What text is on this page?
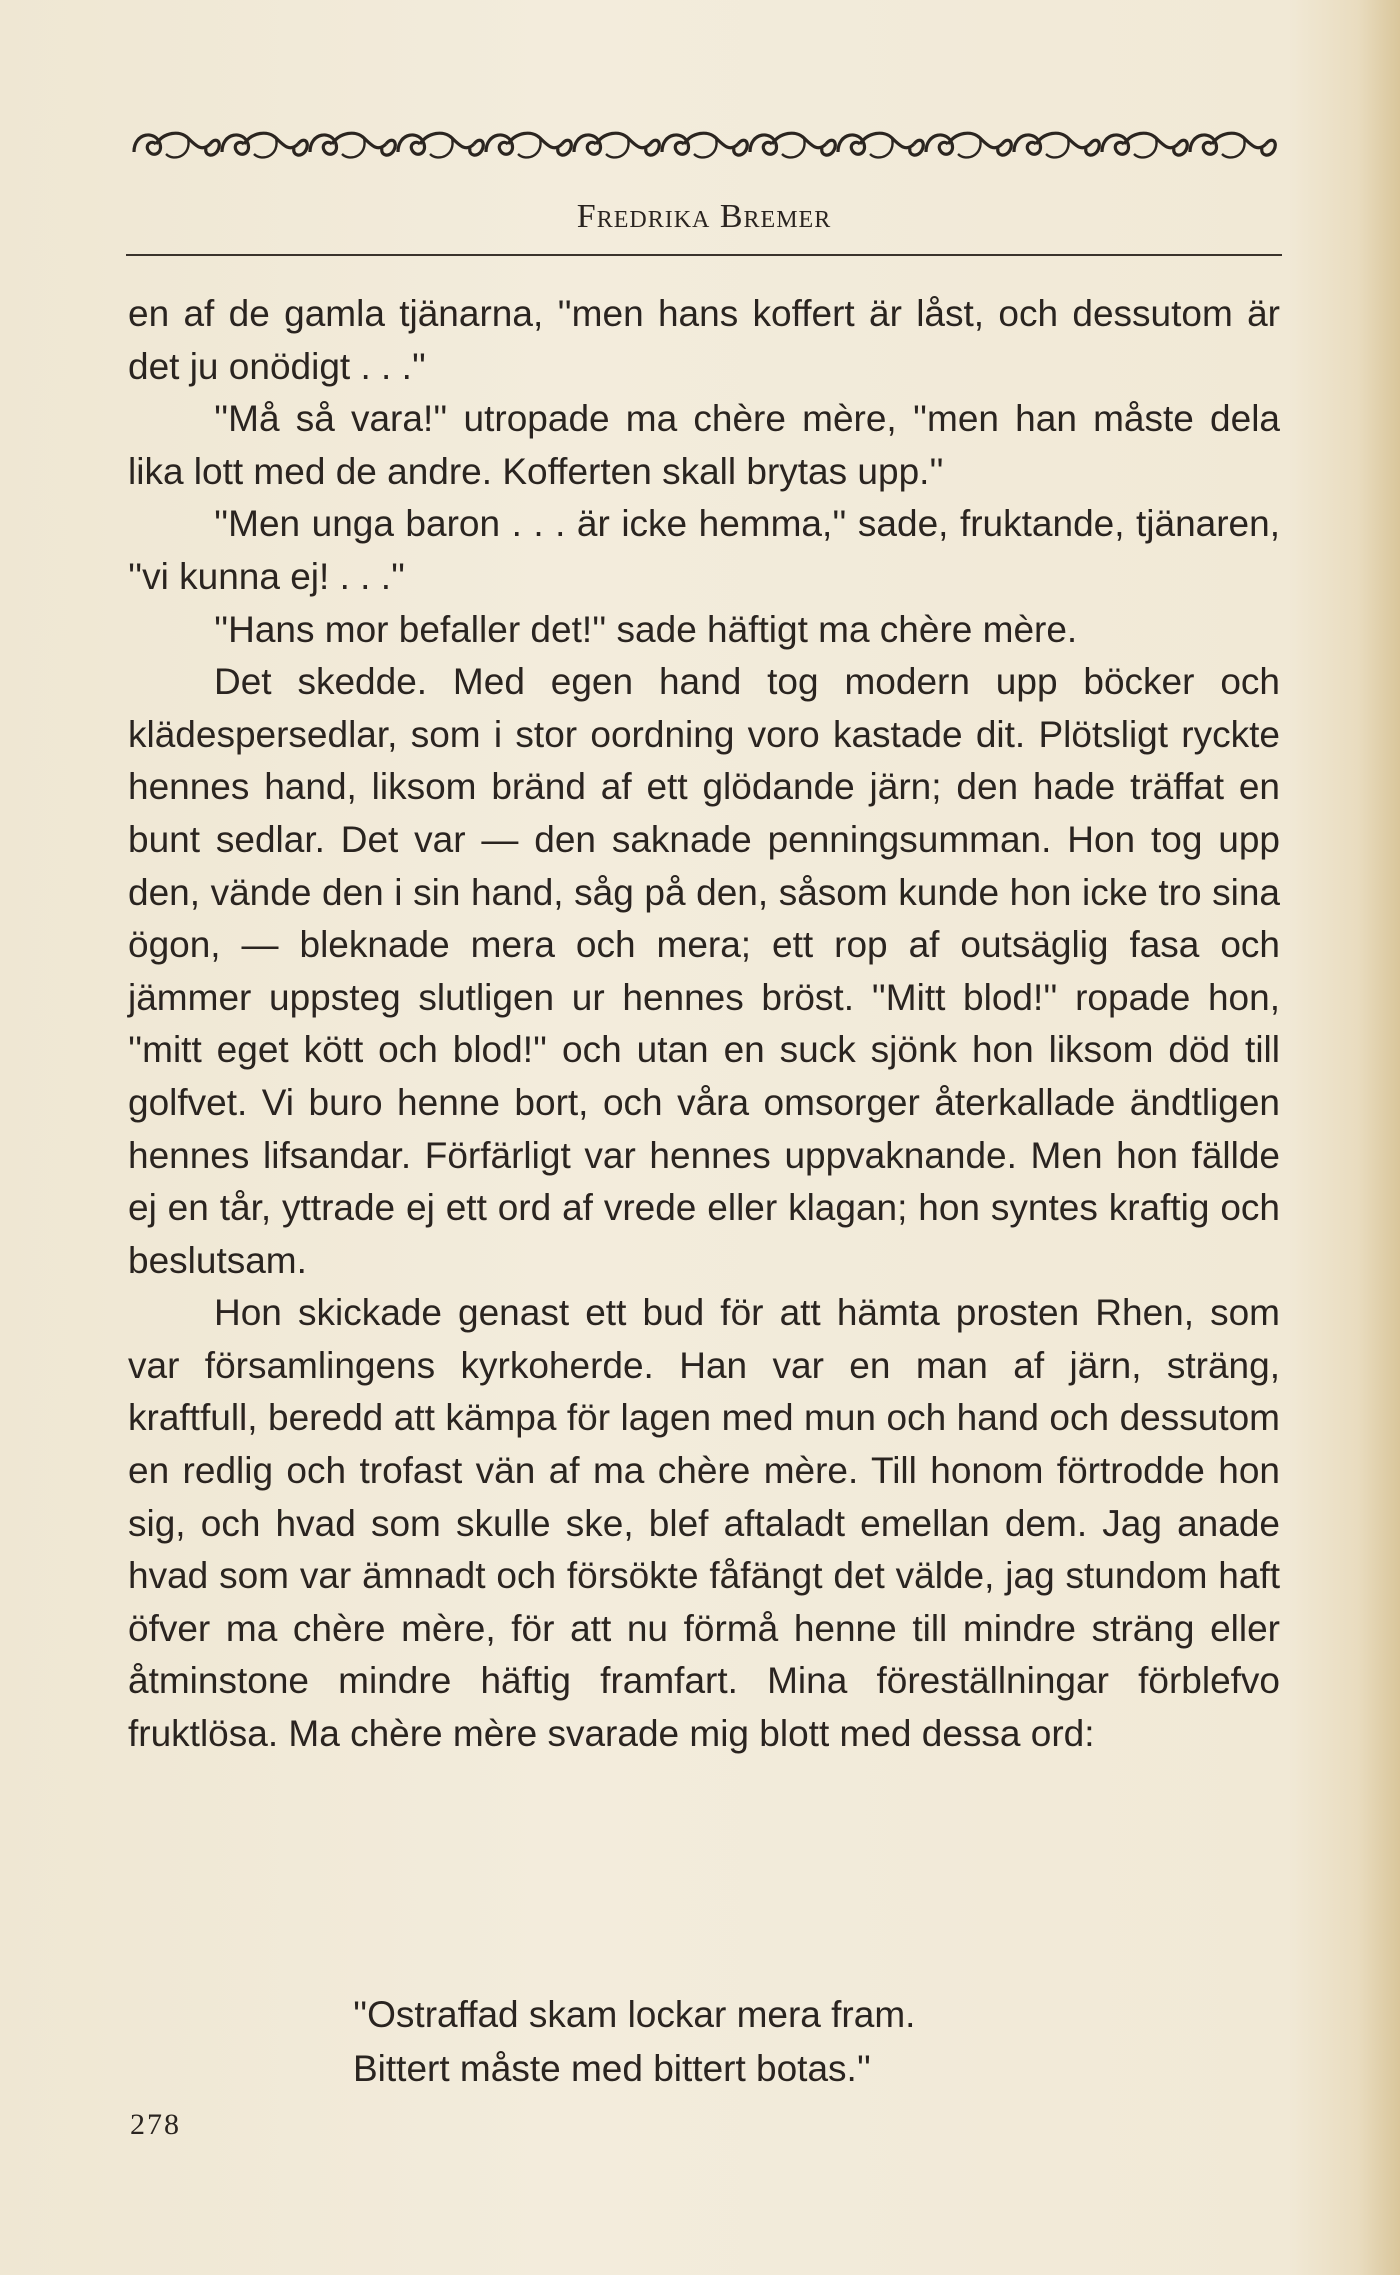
Fredrika Bremer

en af de gamla tjänarna, ''men hans koffert är låst, och dessutom är det ju onödigt . . .''

''Må så vara!'' utropade ma chère mère, ''men han måste dela lika lott med de andre. Kofferten skall brytas upp.''

''Men unga baron . . . är icke hemma,'' sade, fruktande, tjänaren, ''vi kunna ej! . . .''

''Hans mor befaller det!'' sade häftigt ma chère mère.

Det skedde. Med egen hand tog modern upp böcker och klädespersedlar, som i stor oordning voro kastade dit. Plötsligt ryckte hennes hand, liksom bränd af ett glödande järn; den hade träffat en bunt sedlar. Det var — den saknade penningsumman. Hon tog upp den, vände den i sin hand, såg på den, såsom kunde hon icke tro sina ögon, — bleknade mera och mera; ett rop af outsäglig fasa och jämmer uppsteg slutligen ur hennes bröst. ''Mitt blod!'' ropade hon, ''mitt eget kött och blod!'' och utan en suck sjönk hon liksom död till golfvet. Vi buro henne bort, och våra omsorger återkallade ändtligen hennes lifsandar. Förfärligt var hennes uppvaknande. Men hon fällde ej en tår, yttrade ej ett ord af vrede eller klagan; hon syntes kraftig och beslutsam.

Hon skickade genast ett bud för att hämta prosten Rhen, som var församlingens kyrkoherde. Han var en man af järn, sträng, kraftfull, beredd att kämpa för lagen med mun och hand och dessutom en redlig och trofast vän af ma chère mère. Till honom förtrodde hon sig, och hvad som skulle ske, blef aftaladt emellan dem. Jag anade hvad som var ämnadt och försökte fåfängt det välde, jag stundom haft öfver ma chère mère, för att nu förmå henne till mindre sträng eller åtminstone mindre häftig framfart. Mina föreställningar förblefvo fruktlösa. Ma chère mère svarade mig blott med dessa ord:

''Ostraffad skam lockar mera fram.
Bittert måste med bittert botas.''
278
